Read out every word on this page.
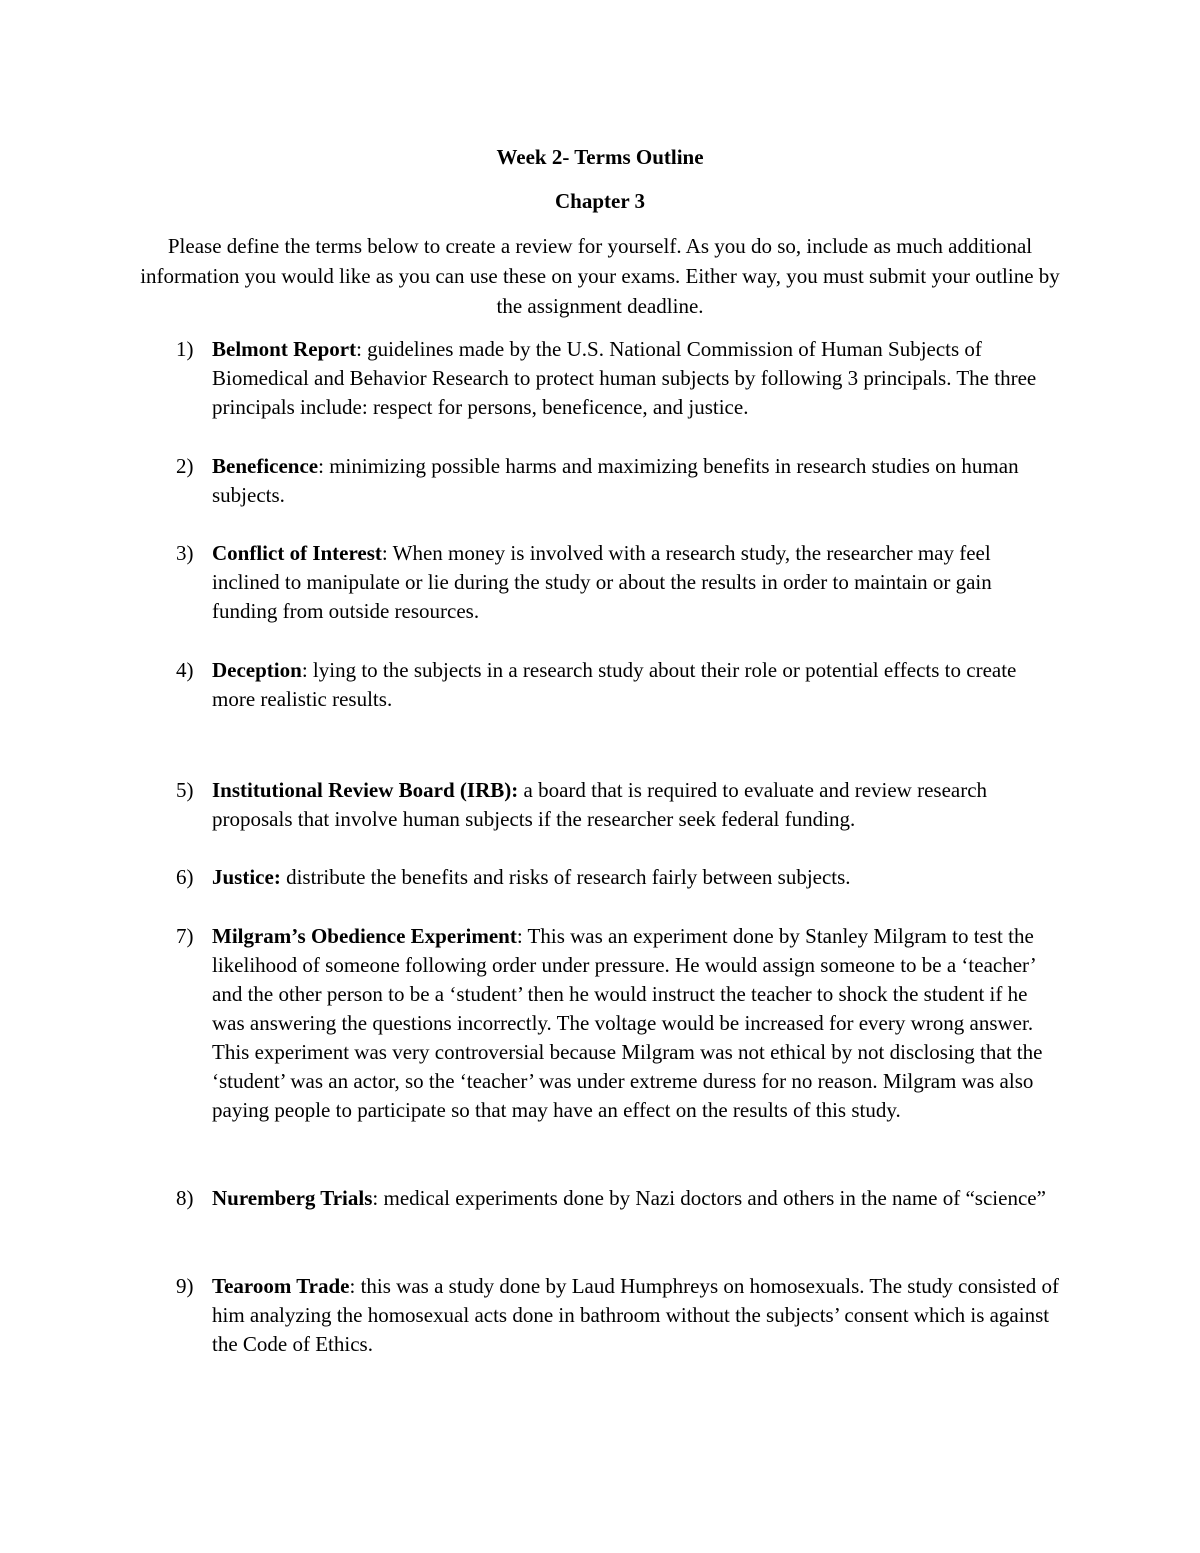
Week 2- Terms Outline

Chapter 3

Please define the terms below to create a review for yourself. As you do so, include as much additional information you would like as you can use these on your exams. Either way, you must submit your outline by the assignment deadline.

1) Belmont Report: guidelines made by the U.S. National Commission of Human Subjects of Biomedical and Behavior Research to protect human subjects by following 3 principals. The three principals include: respect for persons, beneficence, and justice.
2) Beneficence: minimizing possible harms and maximizing benefits in research studies on human subjects.
3) Conflict of Interest: When money is involved with a research study, the researcher may feel inclined to manipulate or lie during the study or about the results in order to maintain or gain funding from outside resources.
4) Deception: lying to the subjects in a research study about their role or potential effects to create more realistic results.
5) Institutional Review Board (IRB): a board that is required to evaluate and review research proposals that involve human subjects if the researcher seek federal funding.
6) Justice: distribute the benefits and risks of research fairly between subjects.
7) Milgram’s Obedience Experiment: This was an experiment done by Stanley Milgram to test the likelihood of someone following order under pressure. He would assign someone to be a ‘teacher’ and the other person to be a ‘student’ then he would instruct the teacher to shock the student if he was answering the questions incorrectly. The voltage would be increased for every wrong answer. This experiment was very controversial because Milgram was not ethical by not disclosing that the ‘student’ was an actor, so the ‘teacher’ was under extreme duress for no reason. Milgram was also paying people to participate so that may have an effect on the results of this study.
8) Nuremberg Trials: medical experiments done by Nazi doctors and others in the name of “science”
9) Tearoom Trade: this was a study done by Laud Humphreys on homosexuals. The study consisted of him analyzing the homosexual acts done in bathroom without the subjects’ consent which is against the Code of Ethics.
